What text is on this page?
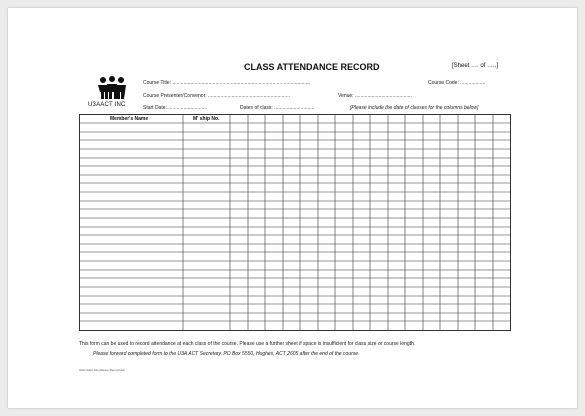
U3AACT INC
CLASS ATTENDANCE RECORD	[Sheet …. of …..]
Course Title: ...................................................................................................	Course Code: ..................
Course Presenter/Convenor: ...........................................................	Venue: .........................................
Start Date:.............................	Dates of class: .............................	[Please include the date of classes for the columns below]
Member's Name	M' ship No.
This form can be used to record attendance at each class of the course. Please use a further sheet if space is insufficient for class size or course length.
Please forward completed form to the U3A ACT Secretary, PO Box 5550, Hughes, ACT 2605 after the end of the course.
U3A Class Attendance Record.doc
